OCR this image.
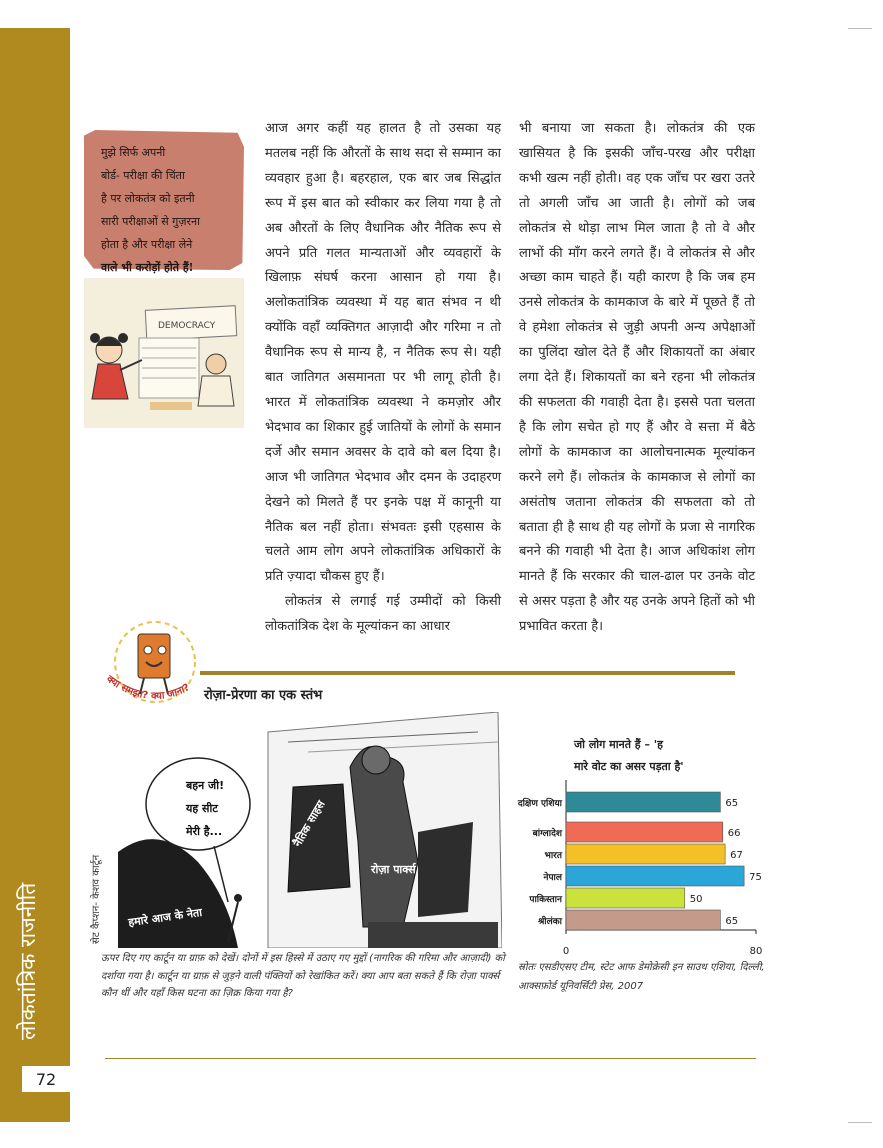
लोकतांत्रिक राजनीति
72
मुझे सिर्फ अपनी
बोर्ड- परीक्षा की चिंता
है पर लोकतंत्र को इतनी
सारी परीक्षाओं से गुज़रना
होता है और परीक्षा लेने
वाले भी करोड़ों होते हैं!
DEMOCRACY

आज अगर कहीं यह हालत है तो उसका यह मतलब नहीं कि औरतों के साथ सदा से सम्मान का व्यवहार हुआ है। बहरहाल, एक बार जब सिद्धांत रूप में इस बात को स्वीकार कर लिया गया है तो अब औरतों के लिए वैधानिक और नैतिक रूप से अपने प्रति गलत मान्यताओं और व्यवहारों के खिलाफ़ संघर्ष करना आसान हो गया है। अलोकतांत्रिक व्यवस्था में यह बात संभव न थी क्योंकि वहाँ व्यक्तिगत आज़ादी और गरिमा न तो वैधानिक रूप से मान्य है, न नैतिक रूप से। यही बात जातिगत असमानता पर भी लागू होती है। भारत में लोकतांत्रिक व्यवस्था ने कमज़ोर और भेदभाव का शिकार हुई जातियों के लोगों के समान दर्जे और समान अवसर के दावे को बल दिया है। आज भी जातिगत भेदभाव और दमन के उदाहरण देखने को मिलते हैं पर इनके पक्ष में कानूनी या नैतिक बल नहीं होता। संभवतः इसी एहसास के चलते आम लोग अपने लोकतांत्रिक अधिकारों के प्रति ज़्यादा चौकस हुए हैं।

लोकतंत्र से लगाई गई उम्मीदों को किसी लोकतांत्रिक देश के मूल्यांकन का आधार

भी बनाया जा सकता है। लोकतंत्र की एक खासियत है कि इसकी जाँच-परख और परीक्षा कभी खत्म नहीं होती। वह एक जाँच पर खरा उतरे तो अगली जाँच आ जाती है। लोगों को जब लोकतंत्र से थोड़ा लाभ मिल जाता है तो वे और लाभों की माँग करने लगते हैं। वे लोकतंत्र से और अच्छा काम चाहते हैं। यही कारण है कि जब हम उनसे लोकतंत्र के कामकाज के बारे में पूछते हैं तो वे हमेशा लोकतंत्र से जुड़ी अपनी अन्य अपेक्षाओं का पुलिंदा खोल देते हैं और शिकायतों का अंबार लगा देते हैं। शिकायतों का बने रहना भी लोकतंत्र की सफलता की गवाही देता है। इससे पता चलता है कि लोग सचेत हो गए हैं और वे सत्ता में बैठे लोगों के कामकाज का आलोचनात्मक मूल्यांकन करने लगे हैं। लोकतंत्र के कामकाज से लोगों का असंतोष जताना लोकतंत्र की सफलता को तो बताता ही है साथ ही यह लोगों के प्रजा से नागरिक बनने की गवाही भी देता है। आज अधिकांश लोग मानते हैं कि सरकार की चाल-ढाल पर उनके वोट से असर पड़ता है और यह उनके अपने हितों को भी प्रभावित करता है।

क्या समझा? क्या जाना? रोज़ा-प्रेरणा का एक स्तंभ
बहन जी!
यह सीट
मेरी है...	नैतिक साहस
रोज़ा पार्क्स
हमारे आज के नेता
सेट कैप्शन- केशव कार्टून
ऊपर दिए गए कार्टून या ग्राफ़ को देखें। दोनों में इस हिस्से में उठाए गए मुद्दों (नागरिक की गरिमा और आज़ादी) को दर्शाया गया है। कार्टून या ग्राफ़ से जुड़ने वाली पंक्तियों को रेखांकित करें। क्या आप बता सकते हैं कि रोज़ा पार्क्स कौन थीं और यहाँ किस घटना का ज़िक्र किया गया है?
स्रोतः एसडीएसए टीम, स्टेट आफ डेमोक्रेसी इन साउथ एशिया, दिल्ली, आक्सफ़ोर्ड यूनिवर्सिटी प्रेस, 2007
जो लोग मानते हैं – 'ह
मारे वोट का असर पड़ता है'
दक्षिण एशिया	65
बांग्लादेश	66
भारत	67
नेपाल	75
पाकिस्तान	50
श्रीलंका	65
0	80
